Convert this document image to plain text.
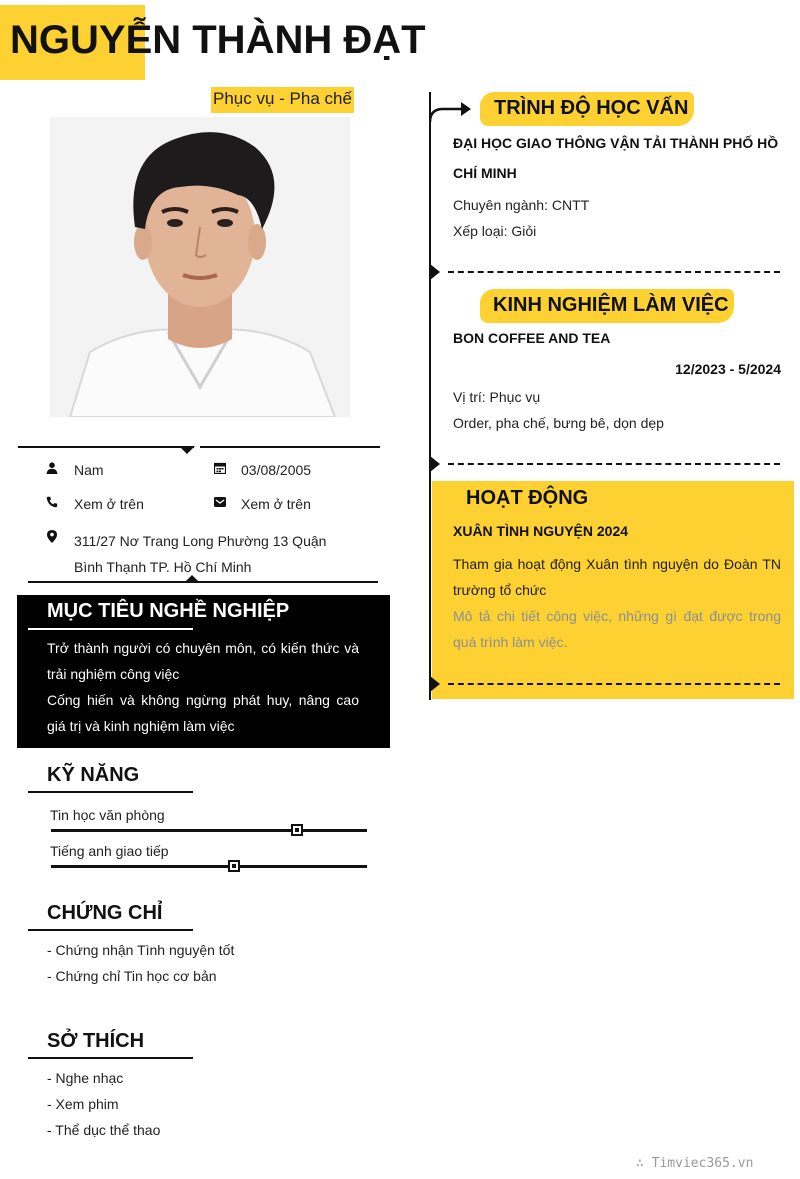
NGUYỄN THÀNH ĐẠT
Phục vụ - Pha chế
Nam	03/08/2005
Xem ở trên	Xem ở trên
311/27 Nơ Trang Long Phường 13 Quận Bình Thạnh TP. Hồ Chí Minh
MỤC TIÊU NGHỀ NGHIỆP
Trở thành người có chuyên môn, có kiến thức và trải nghiệm công việc
Cống hiến và không ngừng phát huy, nâng cao giá trị và kinh nghiệm làm việc
KỸ NĂNG
Tin học văn phòng
Tiếng anh giao tiếp
CHỨNG CHỈ
- Chứng nhận Tình nguyện tốt
- Chứng chỉ Tin học cơ bản
SỞ THÍCH
- Nghe nhạc
- Xem phim
- Thể dục thể thao
TRÌNH ĐỘ HỌC VẤN
ĐẠI HỌC GIAO THÔNG VẬN TẢI THÀNH PHỐ HỒ CHÍ MINH
Chuyên ngành: CNTT
Xếp loại: Giỏi
KINH NGHIỆM LÀM VIỆC
BON COFFEE AND TEA
12/2023 - 5/2024
Vị trí: Phục vụ
Order, pha chế, bưng bê, dọn dẹp
HOẠT ĐỘNG
XUÂN TÌNH NGUYỆN 2024
Tham gia hoạt động Xuân tình nguyện do Đoàn TN trường tổ chức
Mô tả chi tiết công việc, những gì đạt được trong quá trình làm việc.
∴ Timviec365.vn
